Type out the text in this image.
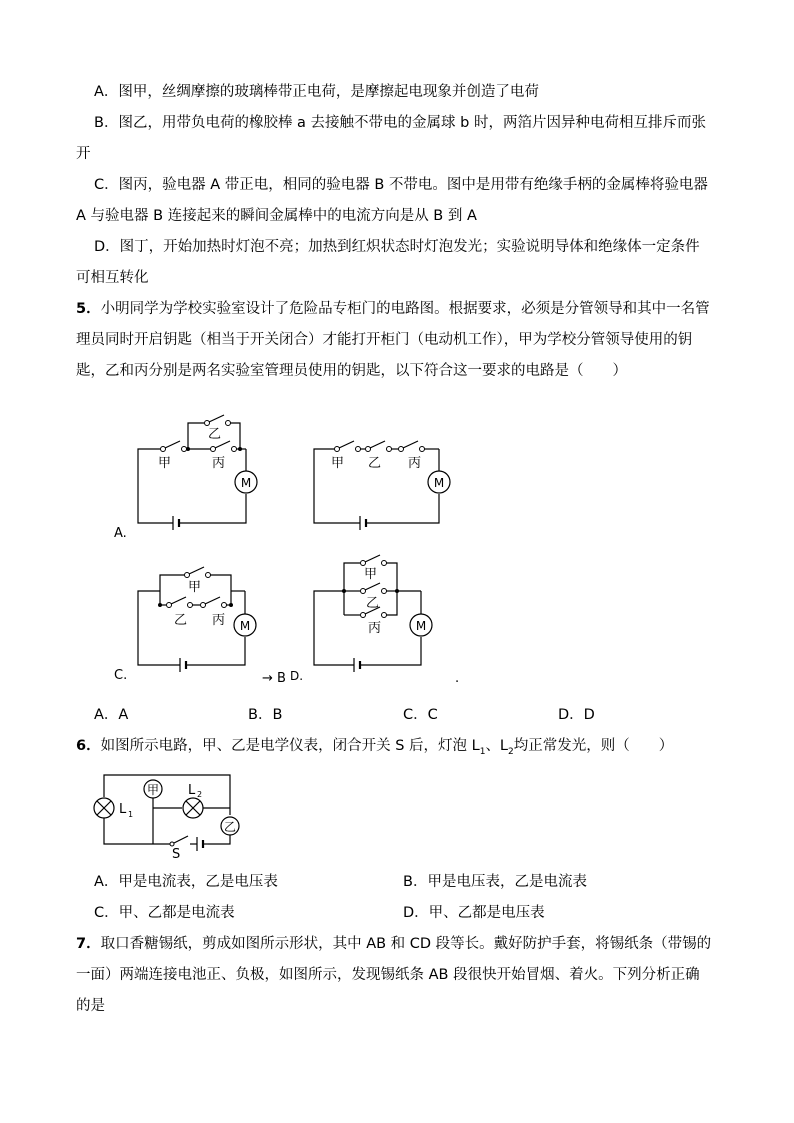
A．图甲，丝绸摩擦的玻璃棒带正电荷，是摩擦起电现象并创造了电荷
B．图乙，用带负电荷的橡胶棒 a 去接触不带电的金属球 b 时，两箔片因异种电荷相互排斥而张
开
C．图丙，验电器 A 带正电，相同的验电器 B 不带电。图中是用带有绝缘手柄的金属棒将验电器
A 与验电器 B 连接起来的瞬间金属棒中的电流方向是从 B 到 A
D．图丁，开始加热时灯泡不亮；加热到红炽状态时灯泡发光；实验说明导体和绝缘体一定条件
可相互转化
5．小明同学为学校实验室设计了危险品专柜门的电路图。根据要求，必须是分管领导和其中一名管
理员同时开启钥匙（相当于开关闭合）才能打开柜门（电动机工作），甲为学校分管领导使用的钥
匙，乙和丙分别是两名实验室管理员使用的钥匙，以下符合这一要求的电路是（　　）
M
甲	丙
乙
A.
M
甲 乙 丙
M
甲
乙 丙
C.	→ B D.	.
M
甲
乙
丙
A．A	B．B	C．C	D．D
6．如图所示电路，甲、乙是电学仪表，闭合开关 S 后，灯泡 $L_1$、$L_2$均正常发光，则（　　）
L 1
甲 L 2
乙
S
A．甲是电流表，乙是电压表	B．甲是电压表，乙是电流表
C．甲、乙都是电流表	D．甲、乙都是电压表
7．取口香糖锡纸，剪成如图所示形状，其中 AB 和 CD 段等长。戴好防护手套，将锡纸条（带锡的
一面）两端连接电池正、负极，如图所示，发现锡纸条 AB 段很快开始冒烟、着火。下列分析正确
的是
